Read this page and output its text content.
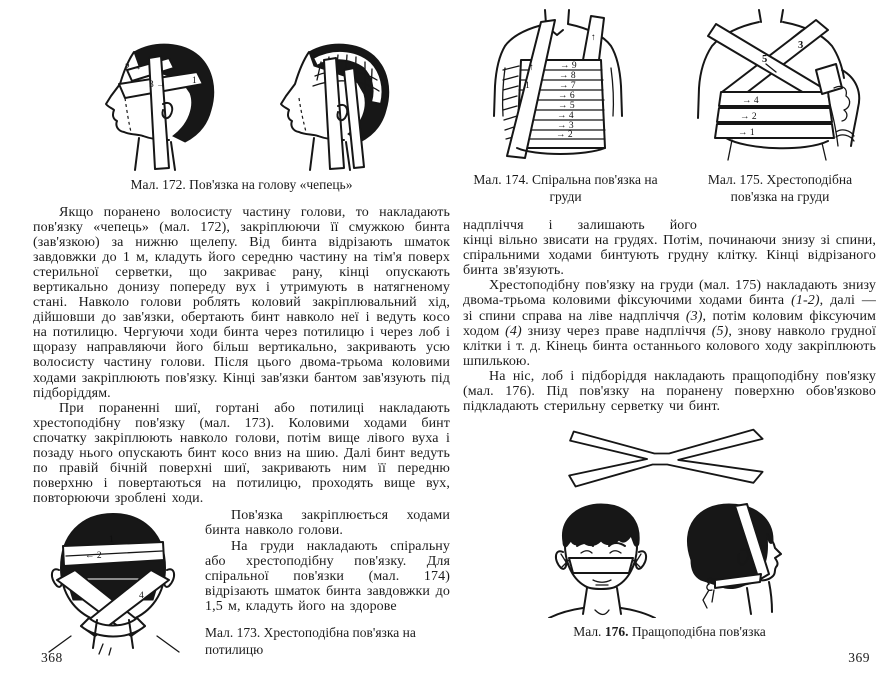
2 →
3 →	1
Мал. 172. Пов'язка на голову «чепець»
Якщо поранено волосисту частину голови, то накладають пов'язку «чепець» (мал. 172), закріплюючи її смужкою бинта (зав'язкою) за нижню щелепу. Від бинта відрізають шматок завдовжки до 1 м, кладуть його середню частину на тім'я поверх стерильної серветки, що закриває рану, кінці опускають вертикально донизу попереду вух і утримують в натягненому стані. Навколо голови роблять коловий закріплювальний хід, дійшовши до зав'язки, обертають бинт навколо неї і ведуть косо на потилицю. Чергуючи ходи бинта через потилицю і через лоб і щоразу направляючи його більш вертикально, закривають усю волосисту частину голови. Після цього двома-трьома коловими ходами закріплюють пов'язку. Кінці зав'язки бантом зав'язують під підборіддям.
При пораненні шиї, гортані або потилиці накладають хрестоподібну пов'язку (мал. 173). Коловими ходами бинт спочатку закріплюють навколо голови, потім вище лівого вуха і позаду нього опускають бинт косо вниз на шию. Далі бинт ведуть по правій бічній поверхні шиї, закривають ним її передню поверхню і повертаються на потилицю, проходять вище вух, повторюючи зроблені ходи.
1
← 2
4
Пов'язка закріплюється ходами бинта навколо голови.
На груди накладають спіральну або хрестоподібну пов'язку. Для спіральної пов'язки (мал. 174) відрізають шматок бинта завдовжки до 1,5 м, кладуть його на здорове
Мал. 173. Хрестоподібна пов'язка на потилицю
368
↑
↑
1
→ 9
→ 8
→ 7
→ 6
→ 5
→ 4
→ 3
→ 2
3
5
→ 4
→ 2
→ 1
Мал. 174. Спіральна пов'язка на груди
Мал. 175. Хрестоподібна пов'язка на груди
надпліччя і залишають його
кінці вільно звисати на грудях. Потім, починаючи знизу зі спини, спіральними ходами бинтують грудну клітку. Кінці відрізаного бинта зв'язують.
Хрестоподібну пов'язку на груди (мал. 175) накладають знизу двома-трьома коловими фіксуючими ходами бинта (1-2), далі — зі спини справа на ліве надпліччя (3), потім коловим фіксуючим ходом (4) знизу через праве надпліччя (5), знову навколо грудної клітки і т. д. Кінець бинта останнього колового ходу закріплюють шпилькою.
На ніс, лоб і підборіддя накладають пращоподібну пов'язку (мал. 176). Під пов'язку на поранену поверхню обов'язково підкладають стерильну серветку чи бинт.
Мал. 176. Пращоподібна пов'язка
369
